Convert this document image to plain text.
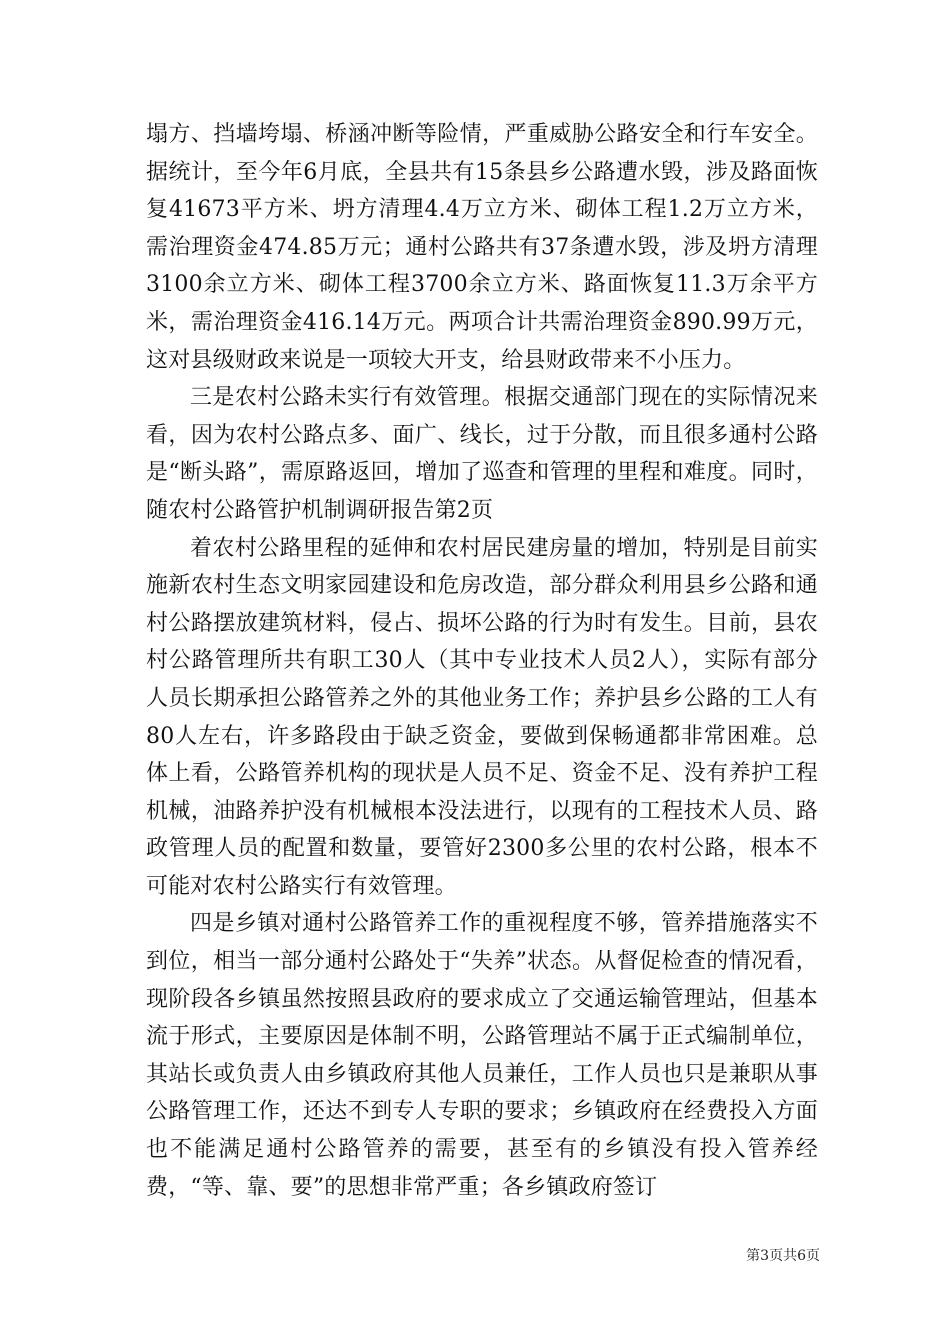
塌方、挡墙垮塌、桥涵冲断等险情，严重威胁公路安全和行车安全。据统计，至今年6月底，全县共有15条县乡公路遭水毁，涉及路面恢复41673平方米、坍方清理4.4万立方米、砌体工程1.2万立方米，需治理资金474.85万元；通村公路共有37条遭水毁，涉及坍方清理3100余立方米、砌体工程3700余立方米、路面恢复11.3万余平方米，需治理资金416.14万元。两项合计共需治理资金890.99万元，这对县级财政来说是一项较大开支，给县财政带来不小压力。

三是农村公路未实行有效管理。根据交通部门现在的实际情况来看，因为农村公路点多、面广、线长，过于分散，而且很多通村公路是“断头路”，需原路返回，增加了巡查和管理的里程和难度。同时，随农村公路管护机制调研报告第2页

着农村公路里程的延伸和农村居民建房量的增加，特别是目前实施新农村生态文明家园建设和危房改造，部分群众利用县乡公路和通村公路摆放建筑材料，侵占、损坏公路的行为时有发生。目前，县农村公路管理所共有职工30人（其中专业技术人员2人），实际有部分人员长期承担公路管养之外的其他业务工作；养护县乡公路的工人有80人左右，许多路段由于缺乏资金，要做到保畅通都非常困难。总体上看，公路管养机构的现状是人员不足、资金不足、没有养护工程机械，油路养护没有机械根本没法进行，以现有的工程技术人员、路政管理人员的配置和数量，要管好2300多公里的农村公路，根本不可能对农村公路实行有效管理。

四是乡镇对通村公路管养工作的重视程度不够，管养措施落实不到位，相当一部分通村公路处于“失养”状态。从督促检查的情况看，现阶段各乡镇虽然按照县政府的要求成立了交通运输管理站，但基本流于形式，主要原因是体制不明，公路管理站不属于正式编制单位，其站长或负责人由乡镇政府其他人员兼任，工作人员也只是兼职从事公路管理工作，还达不到专人专职的要求；乡镇政府在经费投入方面也不能满足通村公路管养的需要，甚至有的乡镇没有投入管养经费，“等、靠、要”的思想非常严重；各乡镇政府签订

第3页共6页
